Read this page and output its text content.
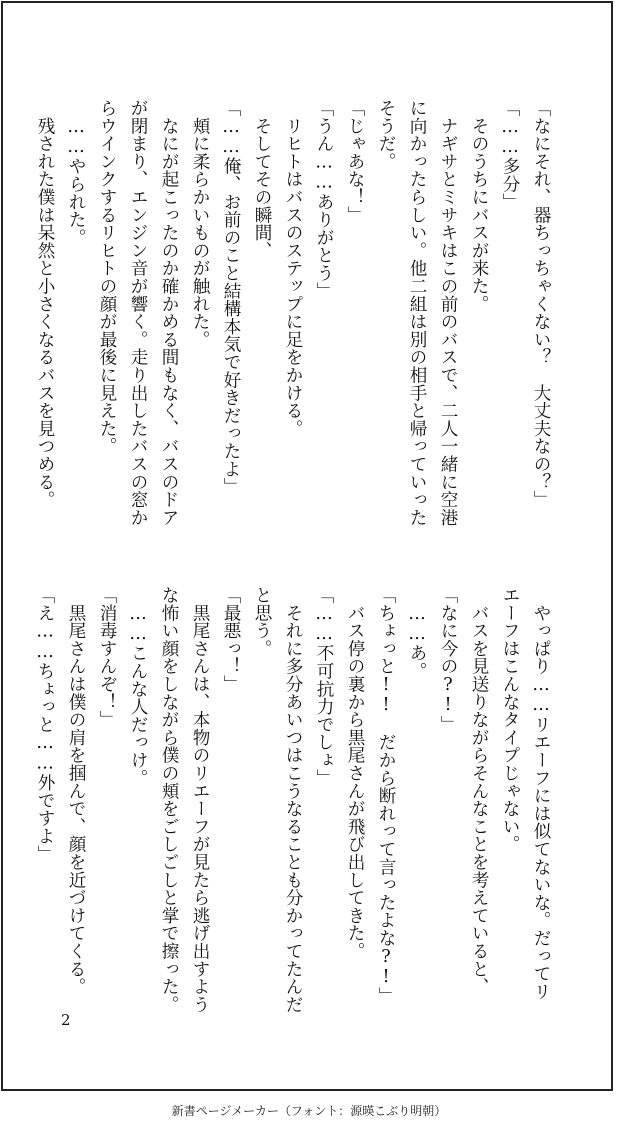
「なにそれ、器ちっちゃくない？　大丈夫なの？」
「……多分」
　そのうちにバスが来た。
　ナギサとミサキはこの前のバスで、二人一緒に空港
に向かったらしい。他二組は別の相手と帰っていった
そうだ。
「じゃあな！」
「うん……ありがとう」
　リヒトはバスのステップに足をかける。
　そしてその瞬間、
「……俺、お前のこと結構本気で好きだったよ」
　頬に柔らかいものが触れた。
　なにが起こったのか確かめる間もなく、バスのドア
が閉まり、エンジン音が響く。走り出したバスの窓か
らウインクするリヒトの顔が最後に見えた。
　……やられた。
　残された僕は呆然と小さくなるバスを見つめる。
　やっぱり……リエーフには似てないな。だってリ
エーフはこんなタイプじゃない。
　バスを見送りながらそんなことを考えていると、
「なに今の?!」
　……あ。
「ちょっと!!　だから断れって言ったよな?!」
　バス停の裏から黒尾さんが飛び出してきた。
「……不可抗力でしょ」
　それに多分あいつはこうなることも分かってたんだ
と思う。
「最悪っ！」
　黒尾さんは、本物のリエーフが見たら逃げ出すよう
な怖い顔をしながら僕の頬をごしごしと掌で擦った。
　……こんな人だっけ。
「消毒すんぞ！」
　黒尾さんは僕の肩を掴んで、顔を近づけてくる。
「え……ちょっと……外ですよ」
2
新書ページメーカー（フォント：源暎こぶり明朝）
